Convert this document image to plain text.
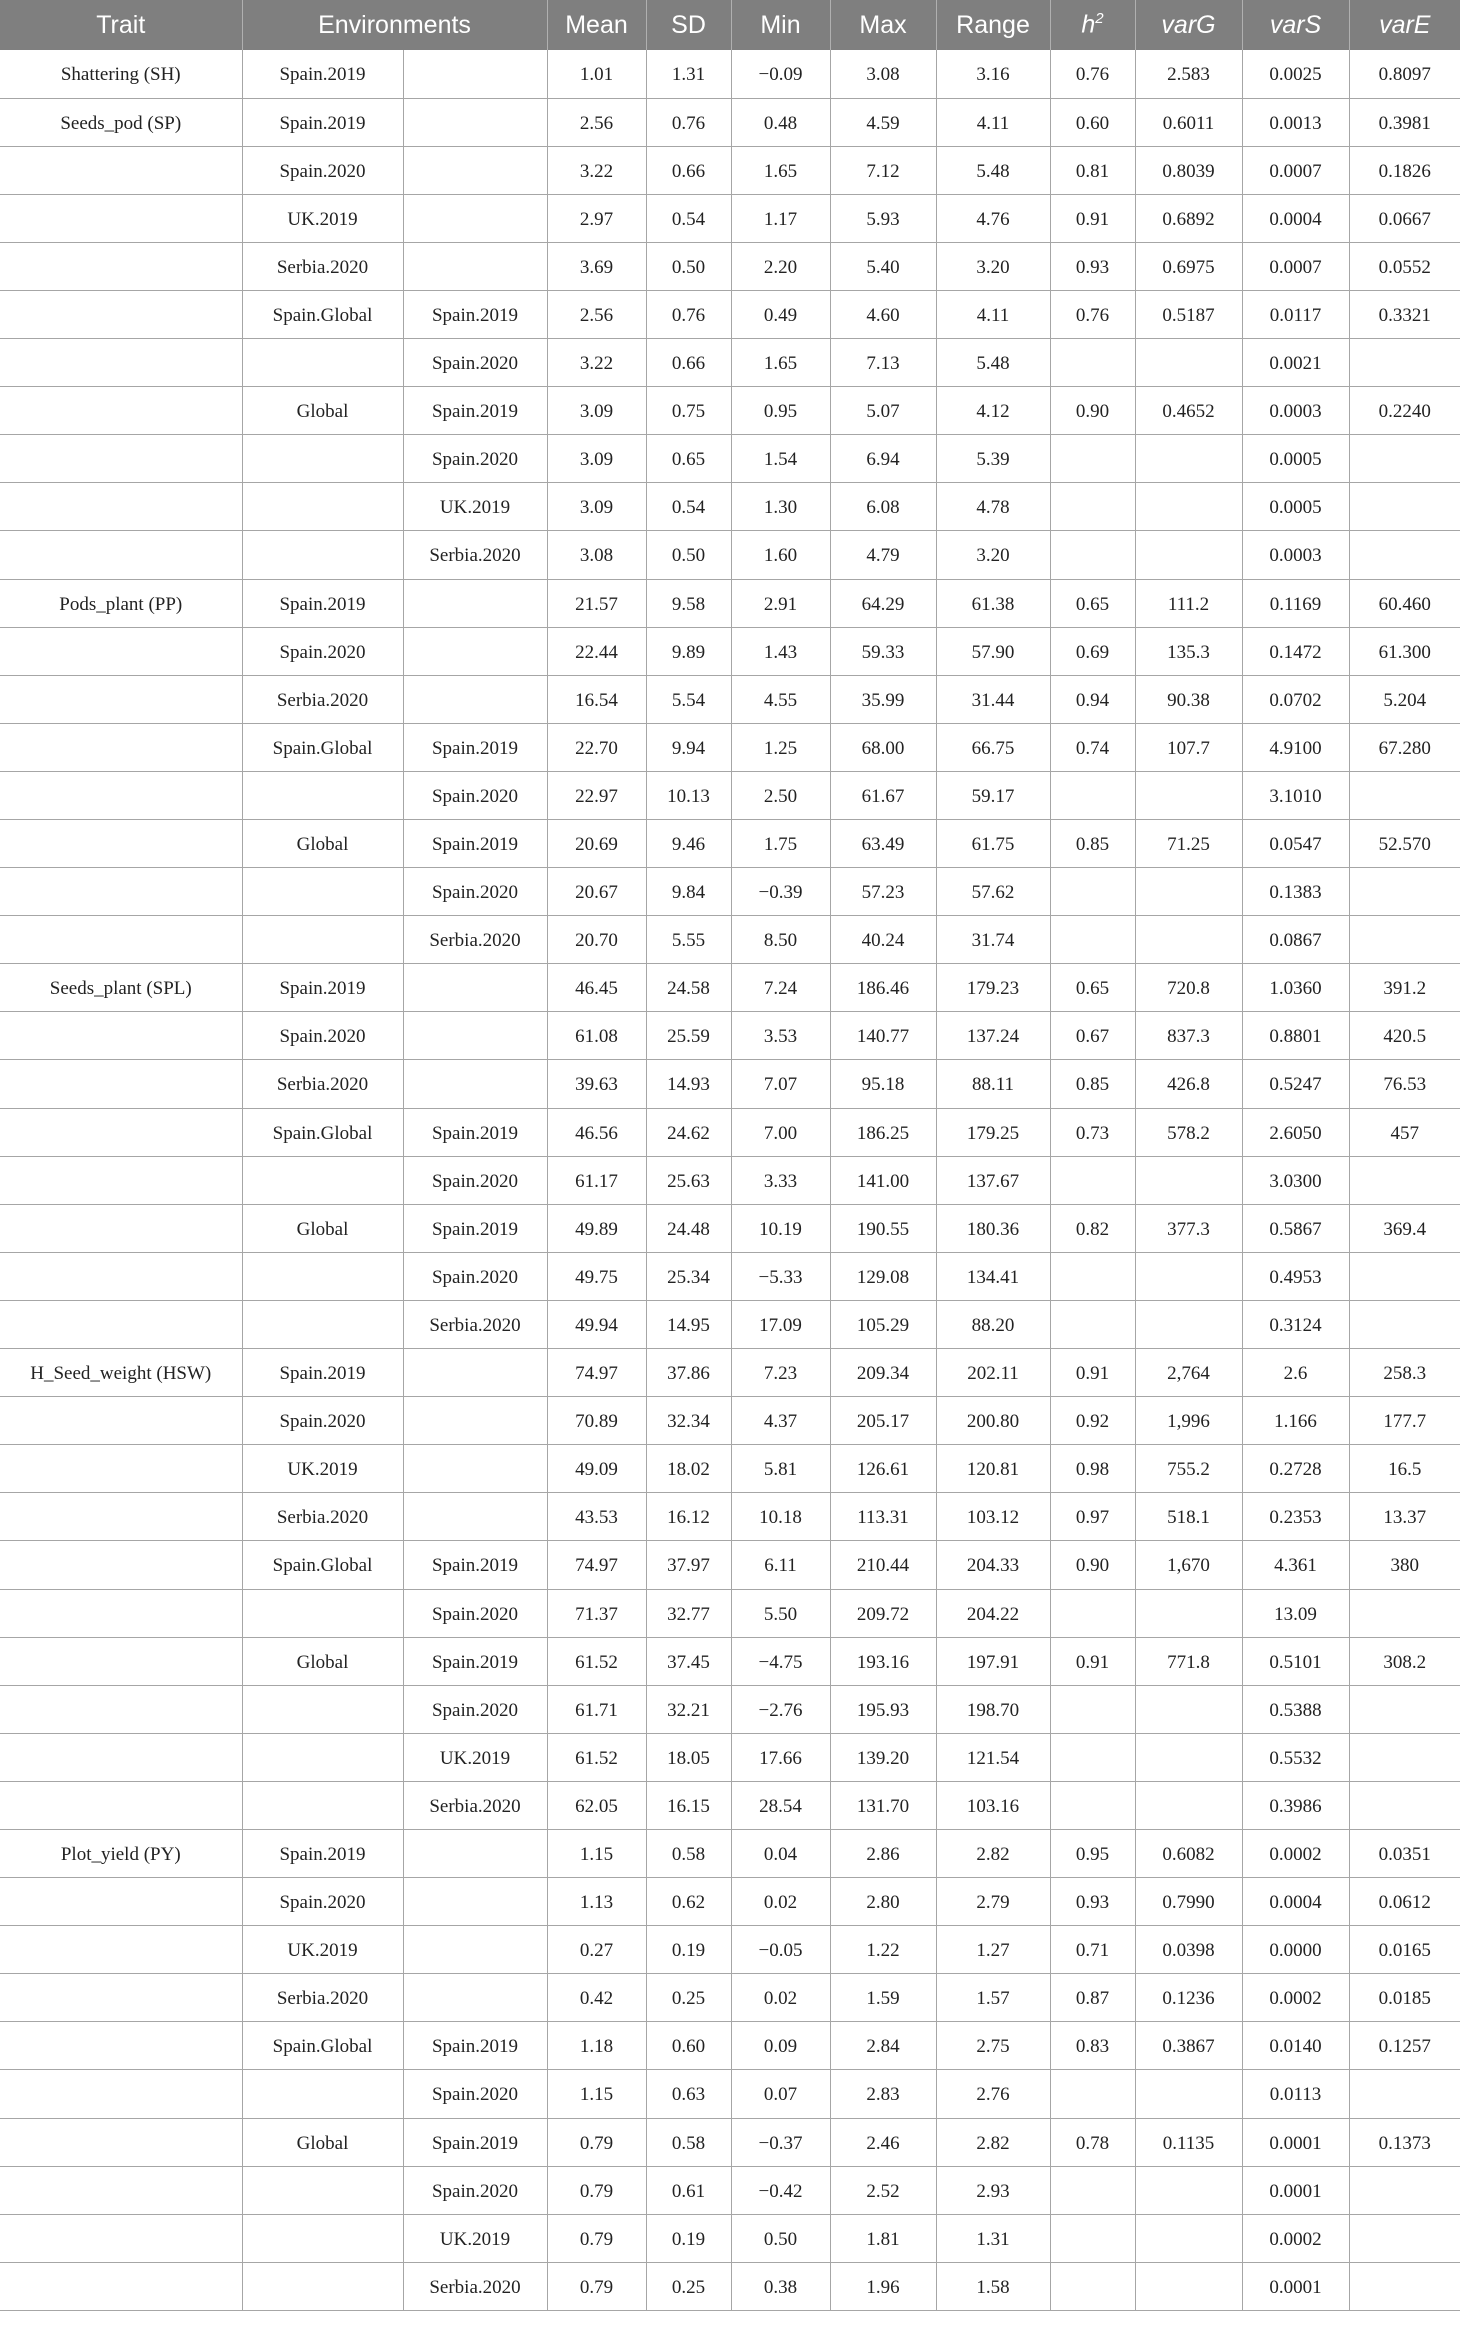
Trait	Environments		Mean	SD	Min	Max	Range	$h^2$	varG	varS	varE
Shattering (SH)	Spain.2019		1.01	1.31	−0.09	3.08	3.16	0.76	2.583	0.0025	0.8097
Seeds_pod (SP)	Spain.2019		2.56	0.76	0.48	4.59	4.11	0.60	0.6011	0.0013	0.3981
	Spain.2020		3.22	0.66	1.65	7.12	5.48	0.81	0.8039	0.0007	0.1826
	UK.2019		2.97	0.54	1.17	5.93	4.76	0.91	0.6892	0.0004	0.0667
	Serbia.2020		3.69	0.50	2.20	5.40	3.20	0.93	0.6975	0.0007	0.0552
	Spain.Global	Spain.2019	2.56	0.76	0.49	4.60	4.11	0.76	0.5187	0.0117	0.3321
		Spain.2020	3.22	0.66	1.65	7.13	5.48			0.0021	
	Global	Spain.2019	3.09	0.75	0.95	5.07	4.12	0.90	0.4652	0.0003	0.2240
		Spain.2020	3.09	0.65	1.54	6.94	5.39			0.0005	
		UK.2019	3.09	0.54	1.30	6.08	4.78			0.0005	
		Serbia.2020	3.08	0.50	1.60	4.79	3.20			0.0003	
Pods_plant (PP)	Spain.2019		21.57	9.58	2.91	64.29	61.38	0.65	111.2	0.1169	60.460
	Spain.2020		22.44	9.89	1.43	59.33	57.90	0.69	135.3	0.1472	61.300
	Serbia.2020		16.54	5.54	4.55	35.99	31.44	0.94	90.38	0.0702	5.204
	Spain.Global	Spain.2019	22.70	9.94	1.25	68.00	66.75	0.74	107.7	4.9100	67.280
		Spain.2020	22.97	10.13	2.50	61.67	59.17			3.1010	
	Global	Spain.2019	20.69	9.46	1.75	63.49	61.75	0.85	71.25	0.0547	52.570
		Spain.2020	20.67	9.84	−0.39	57.23	57.62			0.1383	
		Serbia.2020	20.70	5.55	8.50	40.24	31.74			0.0867	
Seeds_plant (SPL)	Spain.2019		46.45	24.58	7.24	186.46	179.23	0.65	720.8	1.0360	391.2
	Spain.2020		61.08	25.59	3.53	140.77	137.24	0.67	837.3	0.8801	420.5
	Serbia.2020		39.63	14.93	7.07	95.18	88.11	0.85	426.8	0.5247	76.53
	Spain.Global	Spain.2019	46.56	24.62	7.00	186.25	179.25	0.73	578.2	2.6050	457
		Spain.2020	61.17	25.63	3.33	141.00	137.67			3.0300	
	Global	Spain.2019	49.89	24.48	10.19	190.55	180.36	0.82	377.3	0.5867	369.4
		Spain.2020	49.75	25.34	−5.33	129.08	134.41			0.4953	
		Serbia.2020	49.94	14.95	17.09	105.29	88.20			0.3124	
H_Seed_weight (HSW)	Spain.2019		74.97	37.86	7.23	209.34	202.11	0.91	2,764	2.6	258.3
	Spain.2020		70.89	32.34	4.37	205.17	200.80	0.92	1,996	1.166	177.7
	UK.2019		49.09	18.02	5.81	126.61	120.81	0.98	755.2	0.2728	16.5
	Serbia.2020		43.53	16.12	10.18	113.31	103.12	0.97	518.1	0.2353	13.37
	Spain.Global	Spain.2019	74.97	37.97	6.11	210.44	204.33	0.90	1,670	4.361	380
		Spain.2020	71.37	32.77	5.50	209.72	204.22			13.09	
	Global	Spain.2019	61.52	37.45	−4.75	193.16	197.91	0.91	771.8	0.5101	308.2
		Spain.2020	61.71	32.21	−2.76	195.93	198.70			0.5388	
		UK.2019	61.52	18.05	17.66	139.20	121.54			0.5532	
		Serbia.2020	62.05	16.15	28.54	131.70	103.16			0.3986	
Plot_yield (PY)	Spain.2019		1.15	0.58	0.04	2.86	2.82	0.95	0.6082	0.0002	0.0351
	Spain.2020		1.13	0.62	0.02	2.80	2.79	0.93	0.7990	0.0004	0.0612
	UK.2019		0.27	0.19	−0.05	1.22	1.27	0.71	0.0398	0.0000	0.0165
	Serbia.2020		0.42	0.25	0.02	1.59	1.57	0.87	0.1236	0.0002	0.0185
	Spain.Global	Spain.2019	1.18	0.60	0.09	2.84	2.75	0.83	0.3867	0.0140	0.1257
		Spain.2020	1.15	0.63	0.07	2.83	2.76			0.0113	
	Global	Spain.2019	0.79	0.58	−0.37	2.46	2.82	0.78	0.1135	0.0001	0.1373
		Spain.2020	0.79	0.61	−0.42	2.52	2.93			0.0001	
		UK.2019	0.79	0.19	0.50	1.81	1.31			0.0002	
		Serbia.2020	0.79	0.25	0.38	1.96	1.58			0.0001	
